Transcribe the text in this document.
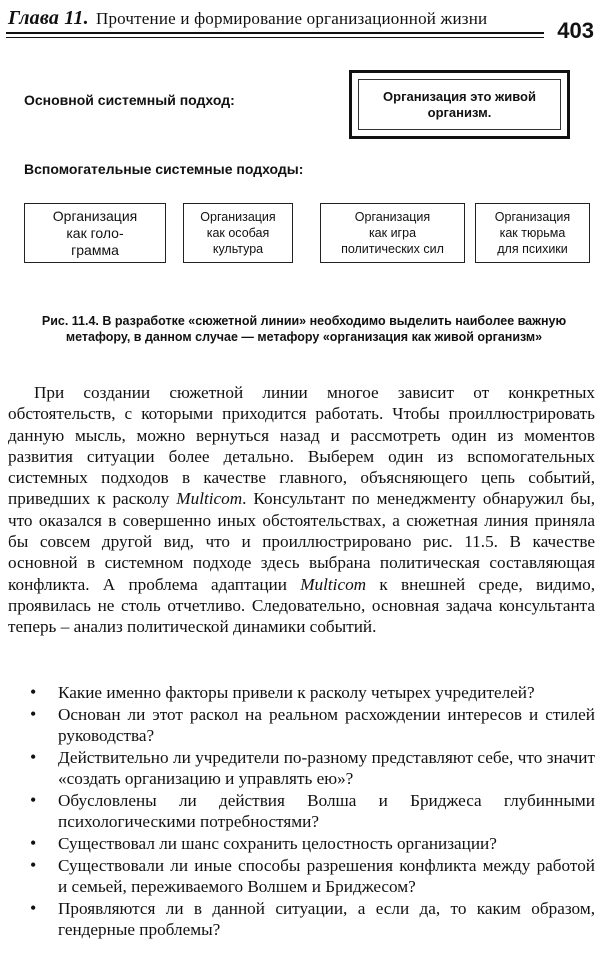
Глава 11. Прочтение и формирование организационной жизни	403
Основной системный подход:	Организация это живой
организм.
Вспомогательные системные подходы:
Организация
как голо-
грамма
Организация
как особая
культура
Организация
как игра
политических сил
Организация
как тюрьма
для психики
Рис. 11.4. В разработке «сюжетной линии» необходимо выделить наиболее важную метафору, в данном случае — метафору «организация как живой организм»
При создании сюжетной линии многое зависит от конкретных обстоятельств, с которыми приходится работать. Чтобы проиллюстрировать данную мысль, можно вернуться назад и рассмотреть один из моментов развития ситуации более детально. Выберем один из вспомогательных системных подходов в качестве главного, объясняющего цепь событий, приведших к расколу Multicom. Консультант по менеджменту обнаружил бы, что оказался в совершенно иных обстоятельствах, а сюжетная линия приняла бы совсем другой вид, что и проиллюстрировано рис. 11.5. В качестве основной в системном подходе здесь выбрана политическая составляющая конфликта. А проблема адаптации Multicom к внешней среде, видимо, проявилась не столь отчетливо. Следовательно, основная задача консультанта теперь – анализ политической динамики событий.
• Какие именно факторы привели к расколу четырех учредителей?
• Основан ли этот раскол на реальном расхождении интересов и стилей руководства?
• Действительно ли учредители по-разному представляют себе, что значит «создать организацию и управлять ею»?
• Обусловлены ли действия Волша и Бриджеса глубинными психологическими потребностями?
• Существовал ли шанс сохранить целостность организации?
• Существовали ли иные способы разрешения конфликта между работой и семьей, переживаемого Волшем и Бриджесом?
• Проявляются ли в данной ситуации, а если да, то каким образом, гендерные проблемы?
